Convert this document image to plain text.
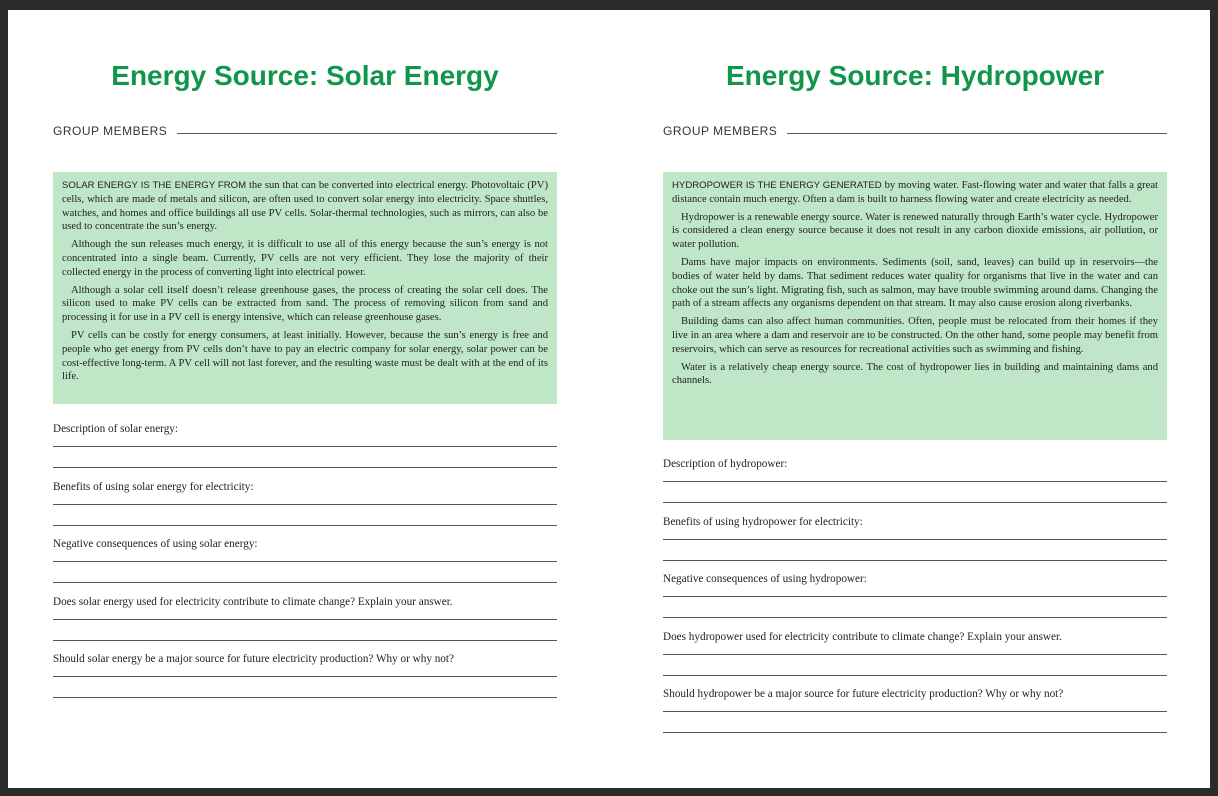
Energy Source: Solar Energy
GROUP MEMBERS

SOLAR ENERGY IS THE ENERGY FROM the sun that can be converted into electrical energy. Photovoltaic (PV) cells, which are made of metals and silicon, are often used to convert solar energy into electricity. Space shuttles, watches, and homes and office buildings all use PV cells. Solar-thermal technologies, such as mirrors, can also be used to concentrate the sun’s energy.

Although the sun releases much energy, it is difficult to use all of this energy because the sun’s energy is not concentrated into a single beam. Currently, PV cells are not very efficient. They lose the majority of their collected energy in the process of converting light into electrical power.

Although a solar cell itself doesn’t release greenhouse gases, the process of creating the solar cell does. The silicon used to make PV cells can be extracted from sand. The process of removing silicon from sand and processing it for use in a PV cell is energy intensive, which can release greenhouse gases.

PV cells can be costly for energy consumers, at least initially. However, because the sun’s energy is free and people who get energy from PV cells don’t have to pay an electric company for solar energy, solar power can be cost-effective long-term. A PV cell will not last forever, and the resulting waste must be dealt with at the end of its life.

Description of solar energy:
Benefits of using solar energy for electricity:
Negative consequences of using solar energy:
Does solar energy used for electricity contribute to climate change? Explain your answer.
Should solar energy be a major source for future electricity production? Why or why not?
Energy Source: Hydropower
GROUP MEMBERS

HYDROPOWER IS THE ENERGY GENERATED by moving water. Fast-flowing water and water that falls a great distance contain much energy. Often a dam is built to harness flowing water and create electricity as needed.

Hydropower is a renewable energy source. Water is renewed naturally through Earth’s water cycle. Hydropower is considered a clean energy source because it does not result in any carbon dioxide emissions, air pollution, or water pollution.

Dams have major impacts on environments. Sediments (soil, sand, leaves) can build up in reservoirs—the bodies of water held by dams. That sediment reduces water quality for organisms that live in the water and can choke out the sun’s light. Migrating fish, such as salmon, may have trouble swimming around dams. Changing the path of a stream affects any organisms dependent on that stream. It may also cause erosion along riverbanks.

Building dams can also affect human communities. Often, people must be relocated from their homes if they live in an area where a dam and reservoir are to be constructed. On the other hand, some people may benefit from reservoirs, which can serve as resources for recreational activities such as swimming and fishing.

Water is a relatively cheap energy source. The cost of hydropower lies in building and maintaining dams and channels.

Description of hydropower:
Benefits of using hydropower for electricity:
Negative consequences of using hydropower:
Does hydropower used for electricity contribute to climate change? Explain your answer.
Should hydropower be a major source for future electricity production? Why or why not?
